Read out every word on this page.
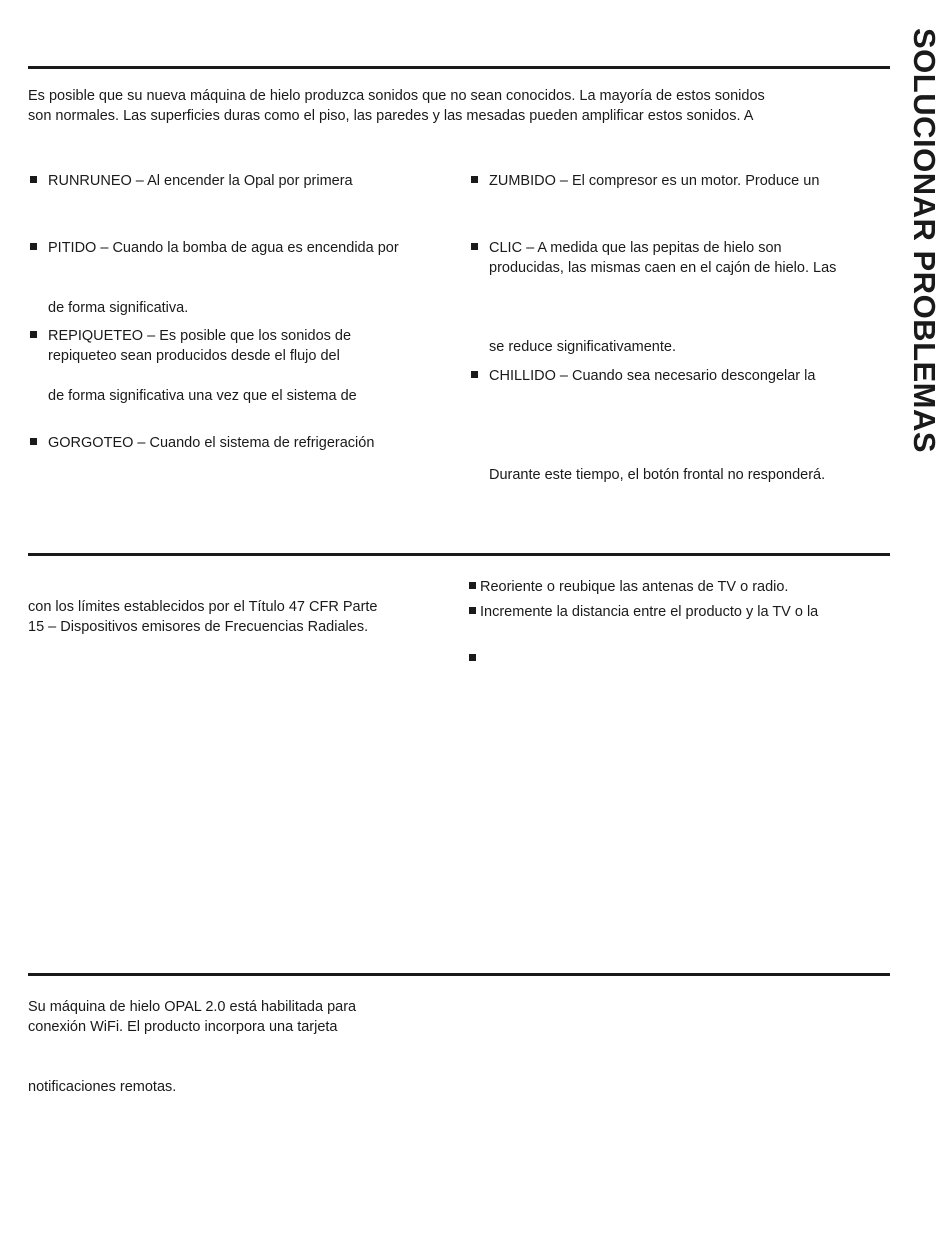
SOLUCIONAR PROBLEMAS
Es posible que su nueva máquina de hielo produzca sonidos que no sean conocidos. La mayoría de estos sonidos
son normales. Las superficies duras como el piso, las paredes y las mesadas pueden amplificar estos sonidos. A
RUNRUNEO – Al encender la Opal por primera
PITIDO – Cuando la bomba de agua es encendida por
de forma significativa.
REPIQUETEO – Es posible que los sonidos de
repiqueteo sean producidos desde el flujo del
de forma significativa una vez que el sistema de
GORGOTEO – Cuando el sistema de refrigeración
ZUMBIDO – El compresor es un motor. Produce un
CLIC – A medida que las pepitas de hielo son
producidas, las mismas caen en el cajón de hielo. Las
se reduce significativamente.
CHILLIDO – Cuando sea necesario descongelar la
Durante este tiempo, el botón frontal no responderá.
con los límites establecidos por el Título 47 CFR Parte
15 – Dispositivos emisores de Frecuencias Radiales.
Reoriente o reubique las antenas de TV o radio.
Incremente la distancia entre el producto y la TV o la
Su máquina de hielo OPAL 2.0 está habilitada para
conexión WiFi. El producto incorpora una tarjeta
notificaciones remotas.
